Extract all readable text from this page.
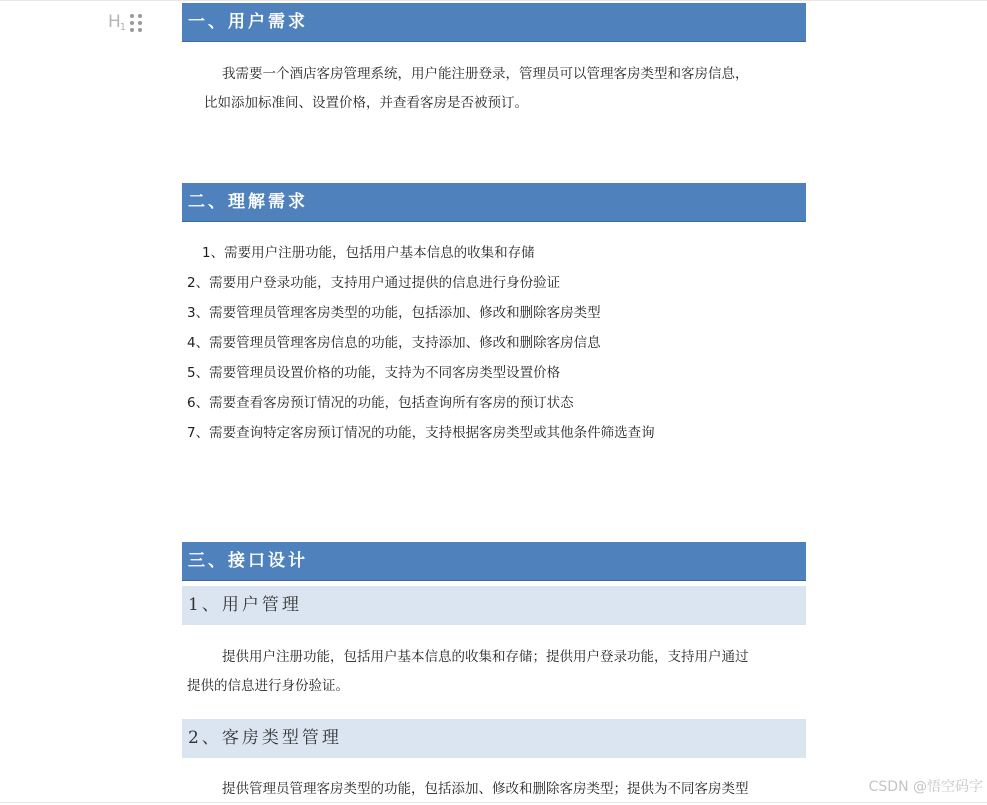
$H_1$	一、用户需求
我需要一个酒店客房管理系统，用户能注册登录，管理员可以管理客房类型和客房信息，
比如添加标准间、设置价格，并查看客房是否被预订。
二、理解需求
1、需要用户注册功能，包括用户基本信息的收集和存储
2、需要用户登录功能，支持用户通过提供的信息进行身份验证
3、需要管理员管理客房类型的功能，包括添加、修改和删除客房类型
4、需要管理员管理客房信息的功能，支持添加、修改和删除客房信息
5、需要管理员设置价格的功能，支持为不同客房类型设置价格
6、需要查看客房预订情况的功能，包括查询所有客房的预订状态
7、需要查询特定客房预订情况的功能，支持根据客房类型或其他条件筛选查询
三、接口设计
1、用户管理
提供用户注册功能，包括用户基本信息的收集和存储；提供用户登录功能，支持用户通过
提供的信息进行身份验证。
2、客房类型管理
提供管理员管理客房类型的功能，包括添加、修改和删除客房类型；提供为不同客房类型	CSDN @悟空码字
